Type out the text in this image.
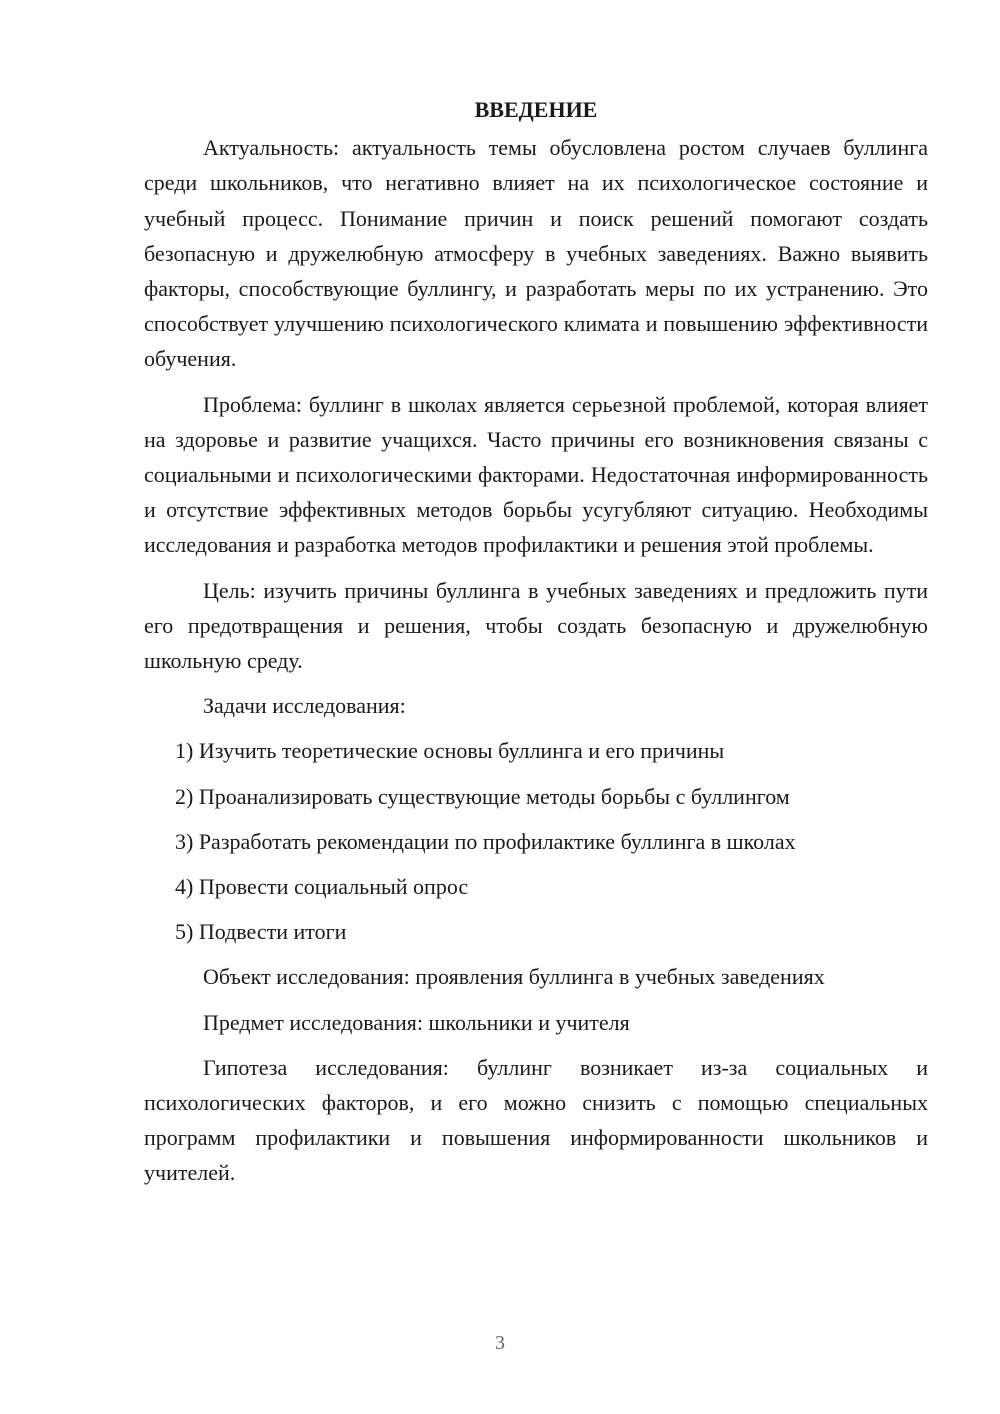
ВВЕДЕНИЕ

Актуальность: актуальность темы обусловлена ростом случаев буллинга среди школьников, что негативно влияет на их психологическое состояние и учебный процесс. Понимание причин и поиск решений помогают создать безопасную и дружелюбную атмосферу в учебных заведениях. Важно выявить факторы, способствующие буллингу, и разработать меры по их устранению. Это способствует улучшению психологического климата и повышению эффективности обучения.

Проблема: буллинг в школах является серьезной проблемой, которая влияет на здоровье и развитие учащихся. Часто причины его возникновения связаны с социальными и психологическими факторами. Недостаточная информированность и отсутствие эффективных методов борьбы усугубляют ситуацию. Необходимы исследования и разработка методов профилактики и решения этой проблемы.

Цель: изучить причины буллинга в учебных заведениях и предложить пути его предотвращения и решения, чтобы создать безопасную и дружелюбную школьную среду.

Задачи исследования:

1) Изучить теоретические основы буллинга и его причины

2) Проанализировать существующие методы борьбы с буллингом

3) Разработать рекомендации по профилактике буллинга в школах

4) Провести социальный опрос

5) Подвести итоги

Объект исследования: проявления буллинга в учебных заведениях

Предмет исследования: школьники и учителя

Гипотеза исследования: буллинг возникает из-за социальных и психологических факторов, и его можно снизить с помощью специальных программ профилактики и повышения информированности школьников и учителей.

3
